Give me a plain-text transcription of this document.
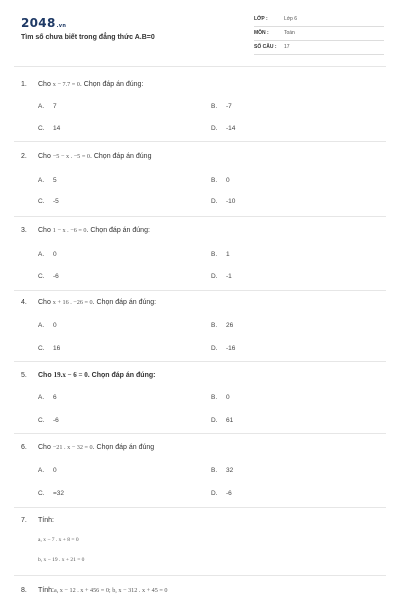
2048.vn
Tìm số chưa biết trong đẳng thức A.B=0
LỚP :	Lớp 6
MÔN :	Toán
SỐ CÂU : 17
1. Cho x − 7.7 = 0. Chọn đáp án đúng:
A. 7	B. -7
C. 14	D. -14
2. Cho −5 − x . −5 = 0. Chọn đáp án đúng
A. 5	B. 0
C. -5	D. -10
3. Cho 1 − x . −6 = 0. Chọn đáp án đúng:
A. 0	B. 1
C. -6	D. -1
4. Cho x + 16 . −26 = 0. Chọn đáp án đúng:
A. 0	B. 26
C. 16	D. -16
5. Cho 19.x − 6 = 0. Chọn đáp án đúng:
A. 6	B. 0
C. -6	D. 61
6. Cho −21 . x − 32 = 0. Chọn đáp án đúng
A. 0	B. 32
C. =32	D. -6
7. Tính:
a, x − 7 . x + 8 = 0
b, x − 19 . x + 21 = 0
8. Tính:a, x − 12 . x + 456 = 0; b, x − 312 . x + 45 = 0
